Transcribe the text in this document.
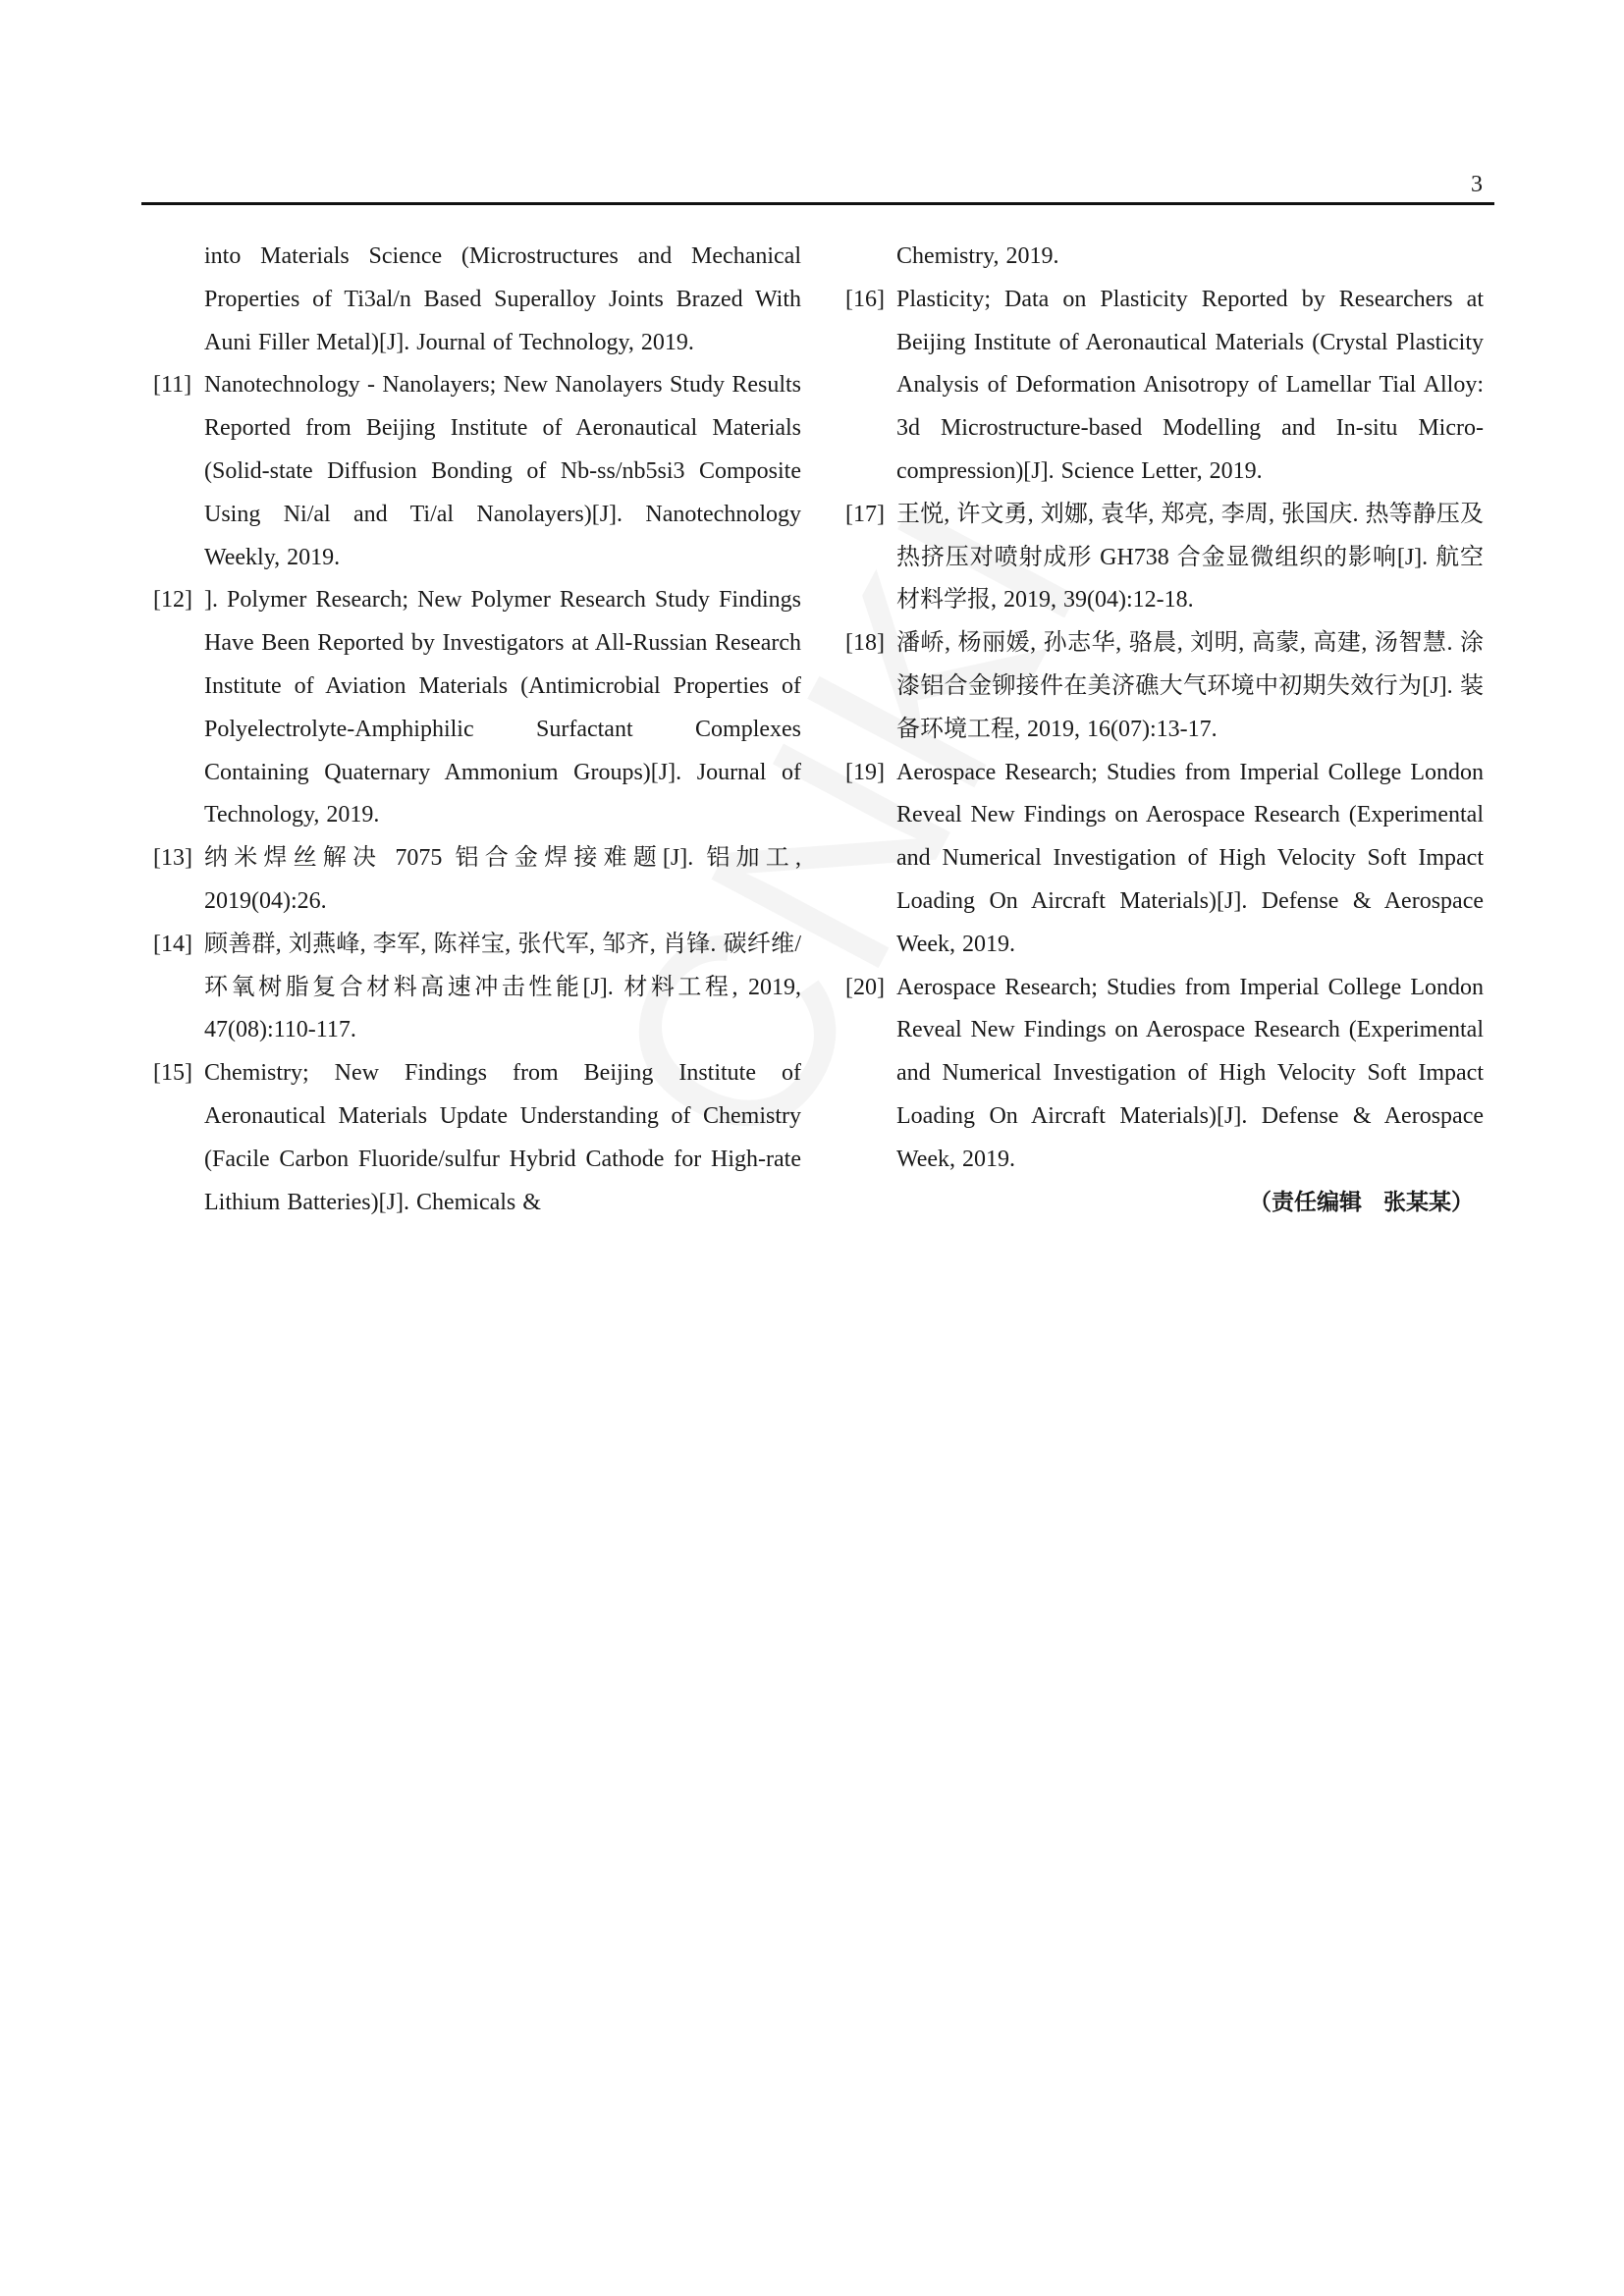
3
into Materials Science (Microstructures and Mechanical Properties of Ti3al/n Based Superalloy Joints Brazed With Auni Filler Metal)[J]. Journal of Technology, 2019.
[11] Nanotechnology - Nanolayers; New Nanolayers Study Results Reported from Beijing Institute of Aeronautical Materials (Solid-state Diffusion Bonding of Nb-ss/nb5si3 Composite Using Ni/al and Ti/al Nanolayers)[J]. Nanotechnology Weekly, 2019.
[12] ]. Polymer Research; New Polymer Research Study Findings Have Been Reported by Investigators at All-Russian Research Institute of Aviation Materials (Antimicrobial Properties of Polyelectrolyte-Amphiphilic Surfactant Complexes Containing Quaternary Ammonium Groups)[J]. Journal of Technology, 2019.
[13] 纳米焊丝解决 7075 铝合金焊接难题[J]. 铝加工, 2019(04):26.
[14] 顾善群, 刘燕峰, 李军, 陈祥宝, 张代军, 邹齐, 肖锋. 碳纤维/环氧树脂复合材料高速冲击性能[J]. 材料工程, 2019, 47(08):110-117.
[15] Chemistry; New Findings from Beijing Institute of Aeronautical Materials Update Understanding of Chemistry (Facile Carbon Fluoride/sulfur Hybrid Cathode for High-rate Lithium Batteries)[J]. Chemicals &
Chemistry, 2019.
[16] Plasticity; Data on Plasticity Reported by Researchers at Beijing Institute of Aeronautical Materials (Crystal Plasticity Analysis of Deformation Anisotropy of Lamellar Tial Alloy: 3d Microstructure-based Modelling and In-situ Micro-compression)[J]. Science Letter, 2019.
[17] 王悦, 许文勇, 刘娜, 袁华, 郑亮, 李周, 张国庆. 热等静压及热挤压对喷射成形 GH738 合金显微组织的影响[J]. 航空材料学报, 2019, 39(04):12-18.
[18] 潘峤, 杨丽媛, 孙志华, 骆晨, 刘明, 高蒙, 高建, 汤智慧. 涂漆铝合金铆接件在美济礁大气环境中初期失效行为[J]. 装备环境工程, 2019, 16(07):13-17.
[19] Aerospace Research; Studies from Imperial College London Reveal New Findings on Aerospace Research (Experimental and Numerical Investigation of High Velocity Soft Impact Loading On Aircraft Materials)[J]. Defense & Aerospace Week, 2019.
[20] Aerospace Research; Studies from Imperial College London Reveal New Findings on Aerospace Research (Experimental and Numerical Investigation of High Velocity Soft Impact Loading On Aircraft Materials)[J]. Defense & Aerospace Week, 2019.
（责任编辑 张某某）
